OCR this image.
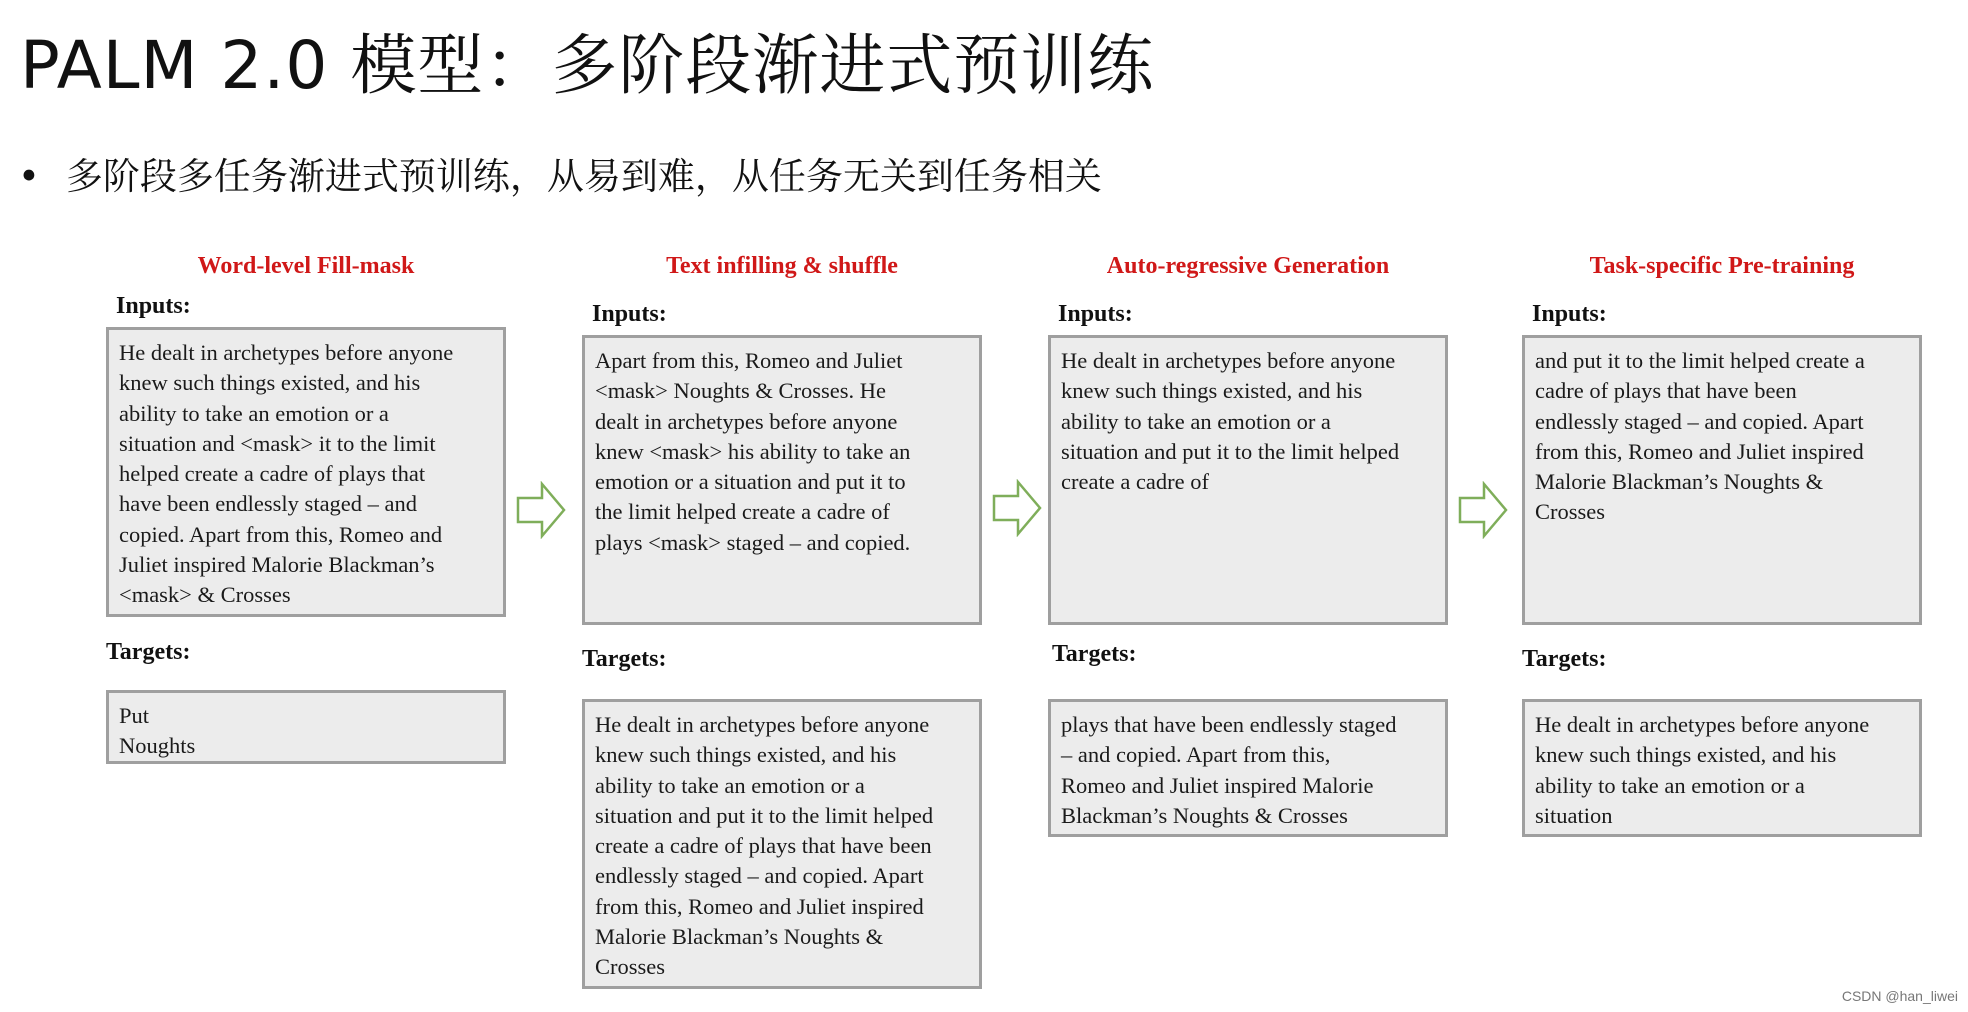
PALM 2.0 模型：多阶段渐进式预训练
• 多阶段多任务渐进式预训练，从易到难，从任务无关到任务相关
Word-level Fill-mask
Inputs:
He dealt in archetypes before anyone
knew such things existed, and his
ability to take an emotion or a
situation and <mask> it to the limit
helped create a cadre of plays that
have been endlessly staged – and
copied. Apart from this, Romeo and
Juliet inspired Malorie Blackman’s
<mask> & Crosses
Targets:
Put
Noughts
Text infilling & shuffle
Inputs:
Apart from this, Romeo and Juliet
<mask> Noughts & Crosses. He
dealt in archetypes before anyone
knew <mask> his ability to take an
emotion or a situation and put it to
the limit helped create a cadre of
plays <mask> staged – and copied.
Targets:
He dealt in archetypes before anyone
knew such things existed, and his
ability to take an emotion or a
situation and put it to the limit helped
create a cadre of plays that have been
endlessly staged – and copied. Apart
from this, Romeo and Juliet inspired
Malorie Blackman’s Noughts &
Crosses
Auto-regressive Generation
Inputs:
He dealt in archetypes before anyone
knew such things existed, and his
ability to take an emotion or a
situation and put it to the limit helped
create a cadre of
Targets:
plays that have been endlessly staged
– and copied. Apart from this,
Romeo and Juliet inspired Malorie
Blackman’s Noughts & Crosses
Task-specific Pre-training
Inputs:
and put it to the limit helped create a
cadre of plays that have been
endlessly staged – and copied. Apart
from this, Romeo and Juliet inspired
Malorie Blackman’s Noughts &
Crosses
Targets:
He dealt in archetypes before anyone
knew such things existed, and his
ability to take an emotion or a
situation
CSDN @han_liwei
